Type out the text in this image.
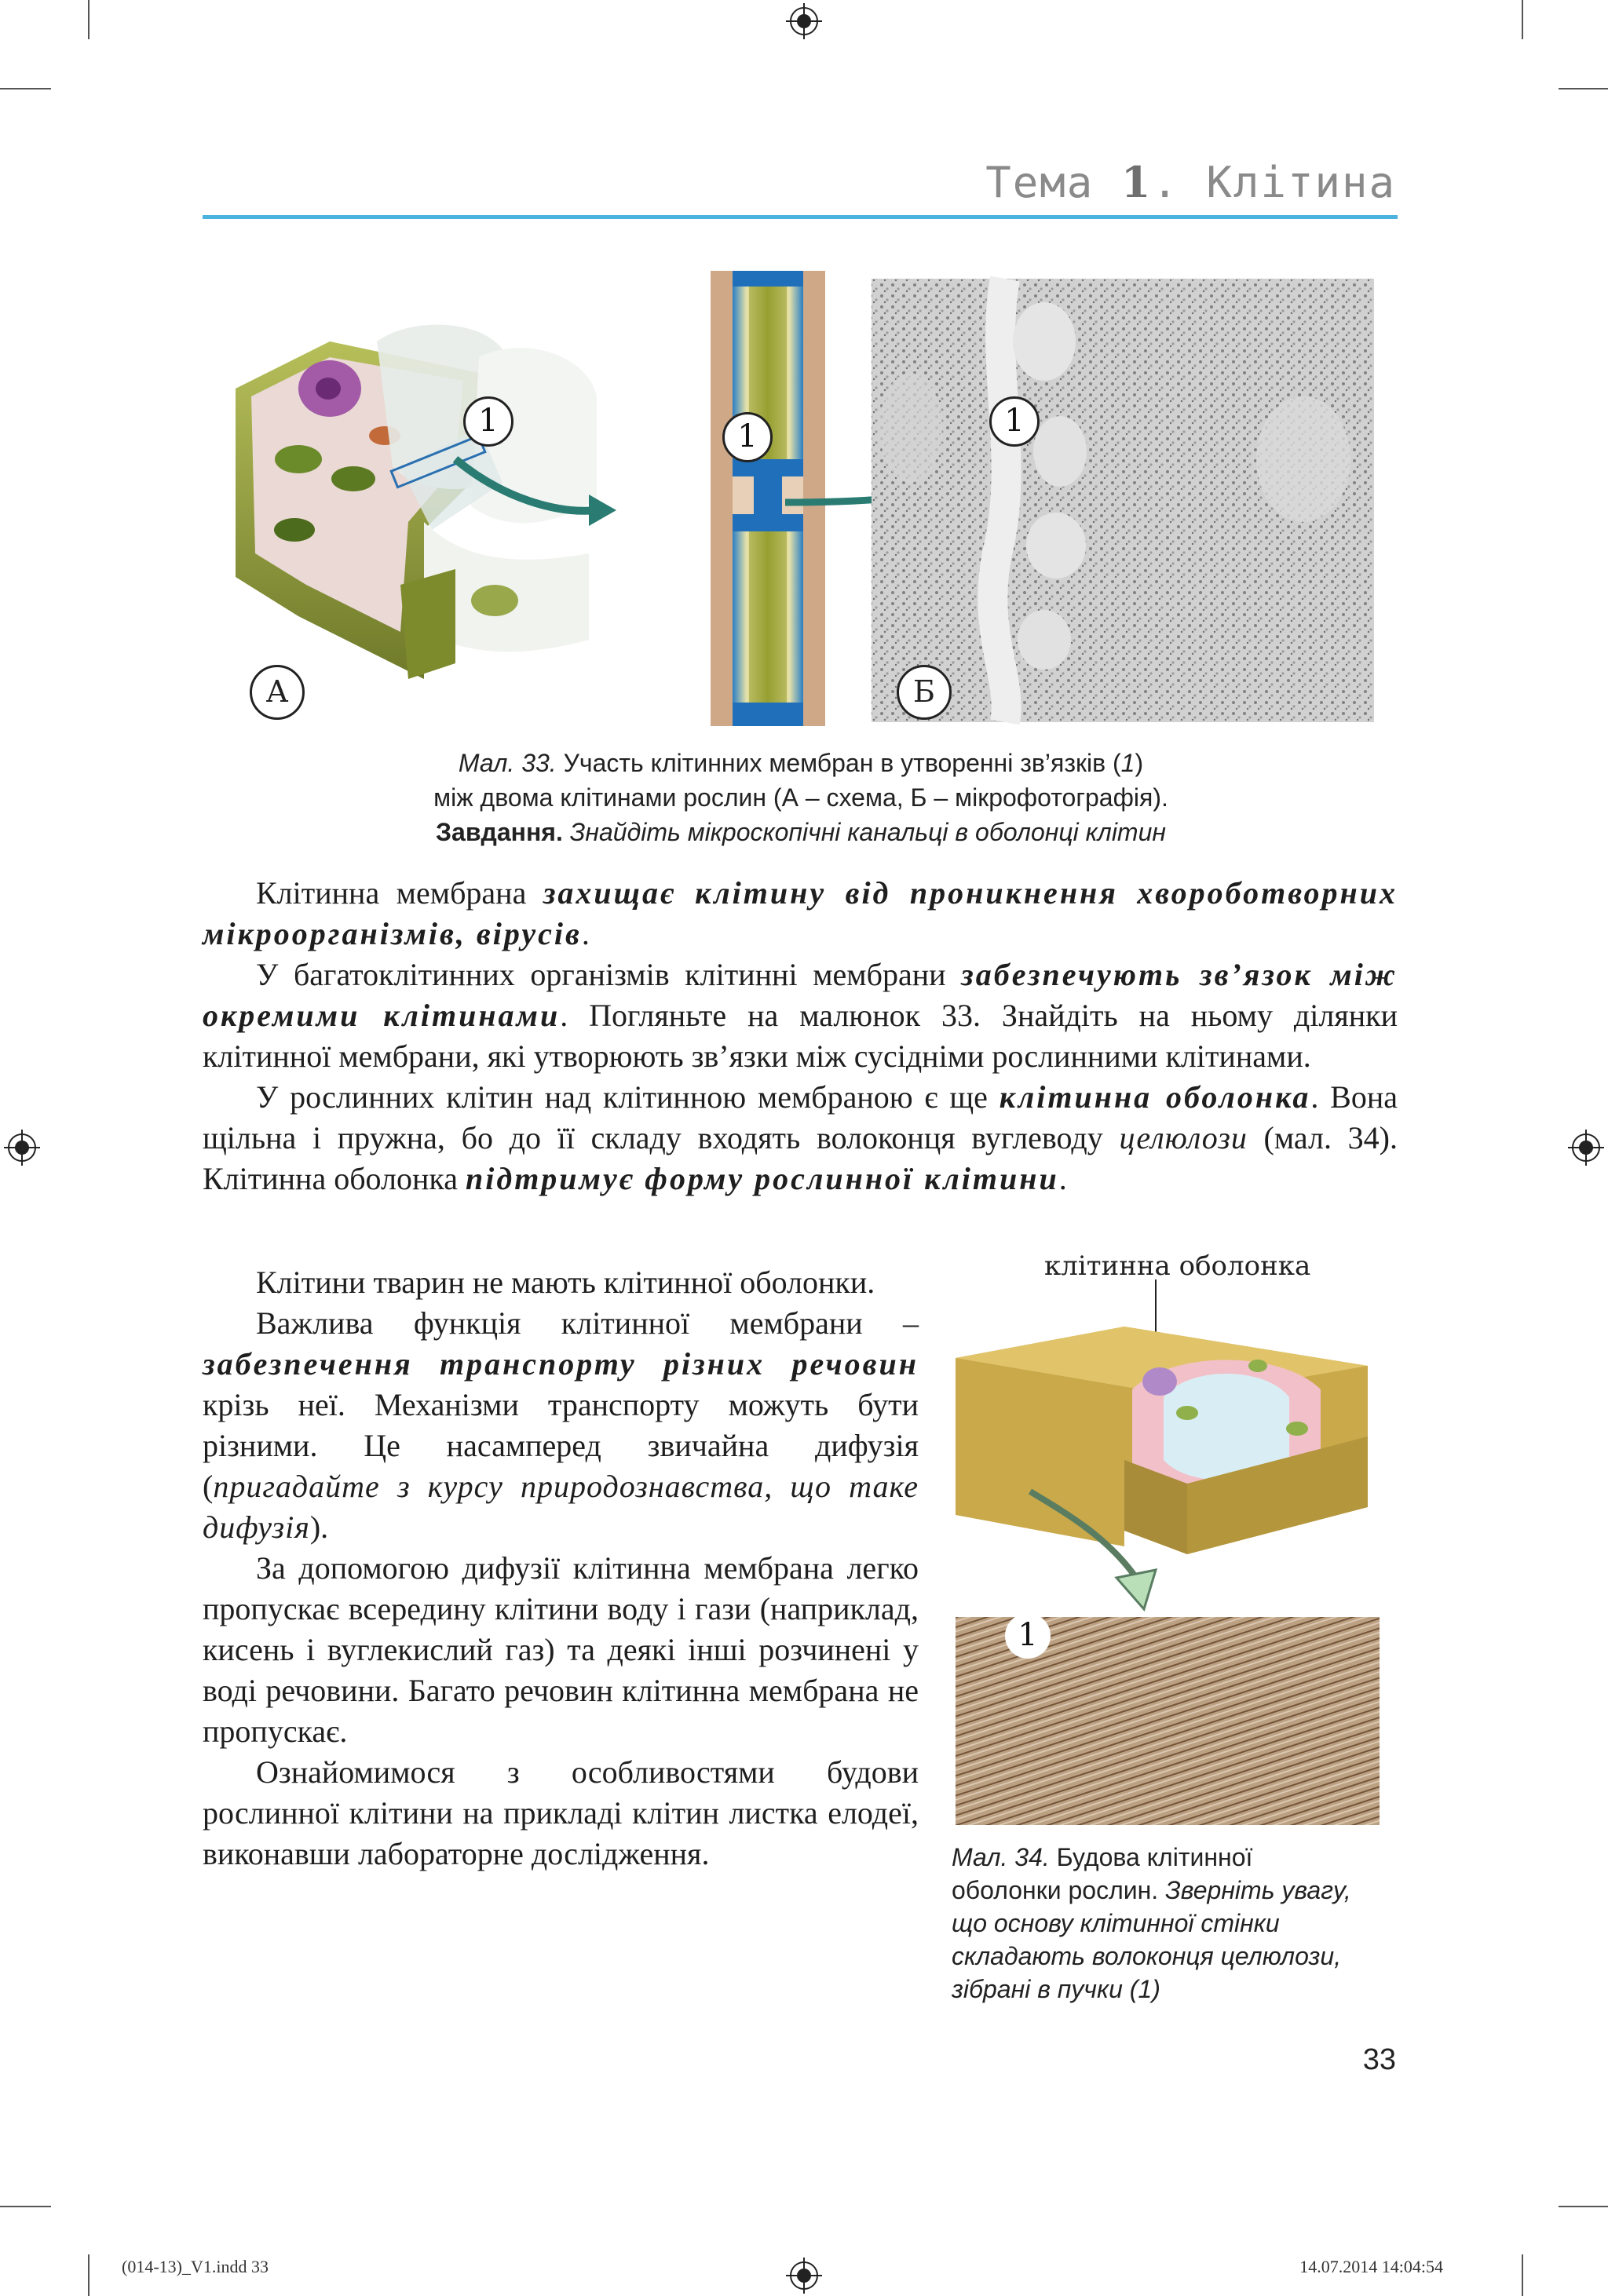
Тема 1. Клітина
А	Б
1	1	1
Мал. 33. Участь клітинних мембран в утворенні зв’язків (1)
між двома клітинами рослин (А – схема, Б – мікрофотографія).
Завдання. Знайдіть мікроскопічні канальці в оболонці клітин

Клітинна мембрана захищає клітину від проникнення хвороботворних мікроорганізмів, вірусів.

У багатоклітинних організмів клітинні мембрани забезпечують зв’язок між окремими клітинами. Погляньте на малюнок 33. Знайдіть на ньому ділянки клітинної мембрани, які утворюють зв’язки між сусідніми рослинними клітинами.

У рослинних клітин над клітинною мембраною є ще клітинна оболонка. Вона щільна і пружна, бо до її складу входять волоконця вуглеводу целюлози (мал. 34). Клітинна оболонка підтримує форму рослинної клітини.

Клітини тварин не мають клітинної оболонки.

Важлива функція клітинної мембрани – забезпечення транспорту різних речовин крізь неї. Механізми транспорту можуть бути різними. Це насамперед звичайна дифузія (пригадайте з курсу природознавства, що таке дифузія).

За допомогою дифузії клітинна мембрана легко пропускає всередину клітини воду і гази (наприклад, кисень і вуглекислий газ) та деякі інші розчинені у воді речовини. Багато речовин клітинна мембрана не пропускає.

Ознайомимося з особливостями будови рослинної клітини на прикладі клітин листка елодеї, виконавши лабораторне дослідження.

клітинна оболонка
1
Мал. 34. Будова клітинної оболонки рослин. Зверніть увагу, що основу клітинної стінки складають волоконця целюлози, зібрані в пучки (1)
33
(014-13)_V1.indd 33	14.07.2014 14:04:54
